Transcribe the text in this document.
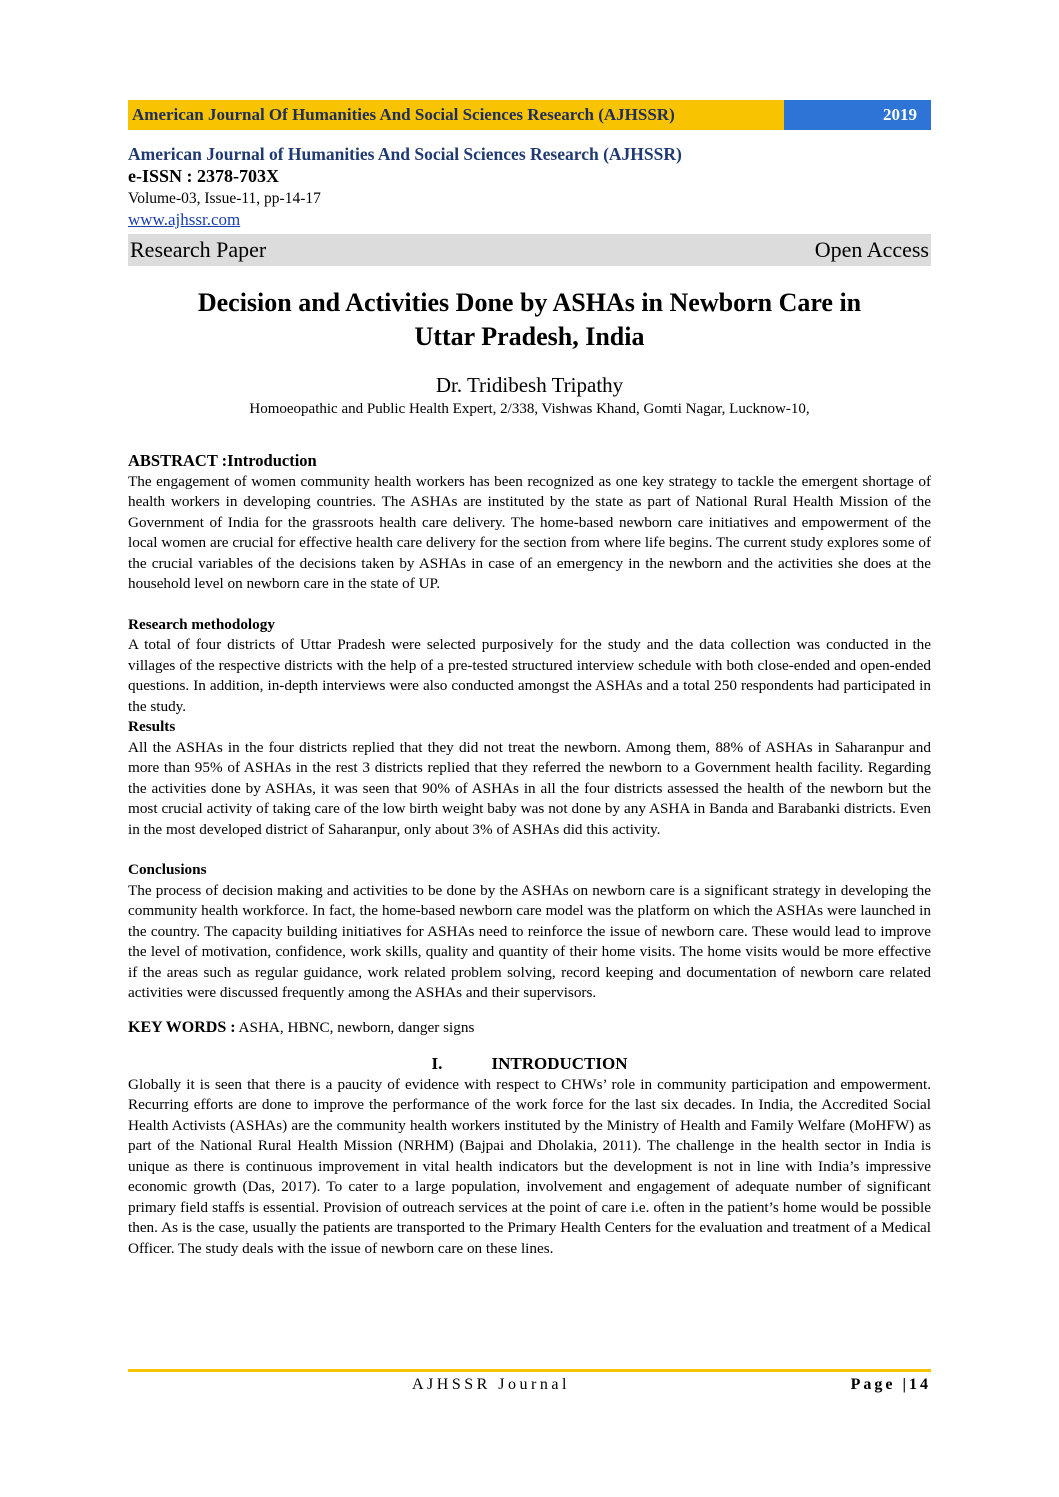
American Journal Of Humanities And Social Sciences Research (AJHSSR)	2019
American Journal of Humanities And Social Sciences Research (AJHSSR)
e-ISSN : 2378-703X
Volume-03, Issue-11, pp-14-17
www.ajhssr.com
Research Paper	Open Access
Decision and Activities Done by ASHAs in Newborn Care in
Uttar Pradesh, India
Dr. Tridibesh Tripathy
Homoeopathic and Public Health Expert, 2/338, Vishwas Khand, Gomti Nagar, Lucknow-10,

ABSTRACT :Introduction

The engagement of women community health workers has been recognized as one key strategy to tackle the emergent shortage of health workers in developing countries. The ASHAs are instituted by the state as part of National Rural Health Mission of the Government of India for the grassroots health care delivery. The home-based newborn care initiatives and empowerment of the local women are crucial for effective health care delivery for the section from where life begins. The current study explores some of the crucial variables of the decisions taken by ASHAs in case of an emergency in the newborn and the activities she does at the household level on newborn care in the state of UP.

Research methodology

A total of four districts of Uttar Pradesh were selected purposively for the study and the data collection was conducted in the villages of the respective districts with the help of a pre-tested structured interview schedule with both close-ended and open-ended questions. In addition, in-depth interviews were also conducted amongst the ASHAs and a total 250 respondents had participated in the study.

Results

All the ASHAs in the four districts replied that they did not treat the newborn. Among them, 88% of ASHAs in Saharanpur and more than 95% of ASHAs in the rest 3 districts replied that they referred the newborn to a Government health facility. Regarding the activities done by ASHAs, it was seen that 90% of ASHAs in all the four districts assessed the health of the newborn but the most crucial activity of taking care of the low birth weight baby was not done by any ASHA in Banda and Barabanki districts. Even in the most developed district of Saharanpur, only about 3% of ASHAs did this activity.

Conclusions

The process of decision making and activities to be done by the ASHAs on newborn care is a significant strategy in developing the community health workforce. In fact, the home-based newborn care model was the platform on which the ASHAs were launched in the country. The capacity building initiatives for ASHAs need to reinforce the issue of newborn care. These would lead to improve the level of motivation, confidence, work skills, quality and quantity of their home visits. The home visits would be more effective if the areas such as regular guidance, work related problem solving, record keeping and documentation of newborn care related activities were discussed frequently among the ASHAs and their supervisors.

KEY WORDS : ASHA, HBNC, newborn, danger signs

I.	INTRODUCTION

Globally it is seen that there is a paucity of evidence with respect to CHWs’ role in community participation and empowerment. Recurring efforts are done to improve the performance of the work force for the last six decades. In India, the Accredited Social Health Activists (ASHAs) are the community health workers instituted by the Ministry of Health and Family Welfare (MoHFW) as part of the National Rural Health Mission (NRHM) (Bajpai and Dholakia, 2011). The challenge in the health sector in India is unique as there is continuous improvement in vital health indicators but the development is not in line with India’s impressive economic growth (Das, 2017). To cater to a large population, involvement and engagement of adequate number of significant primary field staffs is essential. Provision of outreach services at the point of care i.e. often in the patient’s home would be possible then. As is the case, usually the patients are transported to the Primary Health Centers for the evaluation and treatment of a Medical Officer. The study deals with the issue of newborn care on these lines.

AJHSSR Journal	Page |14
